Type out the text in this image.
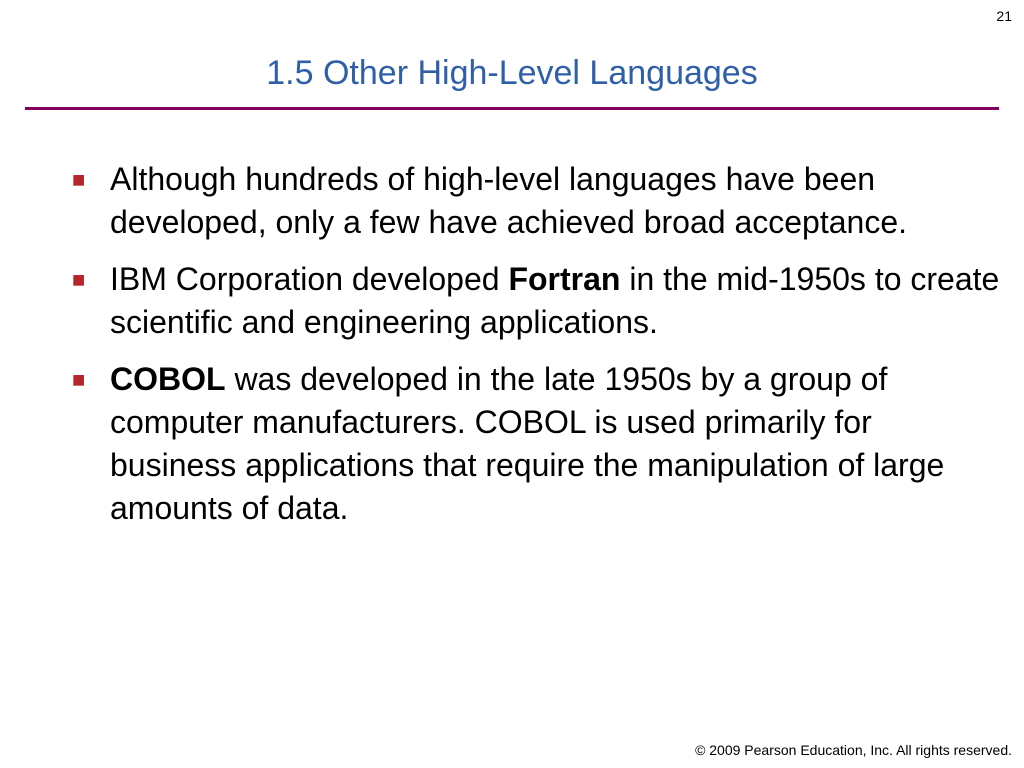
21
1.5 Other High-Level Languages
■ Although hundreds of high-level languages have been developed, only a few have achieved broad acceptance.
■ IBM Corporation developed Fortran in the mid-1950s to create scientific and engineering applications.
■ COBOL was developed in the late 1950s by a group of computer manufacturers. COBOL is used primarily for business applications that require the manipulation of large amounts of data.
© 2009 Pearson Education, Inc. All rights reserved.
